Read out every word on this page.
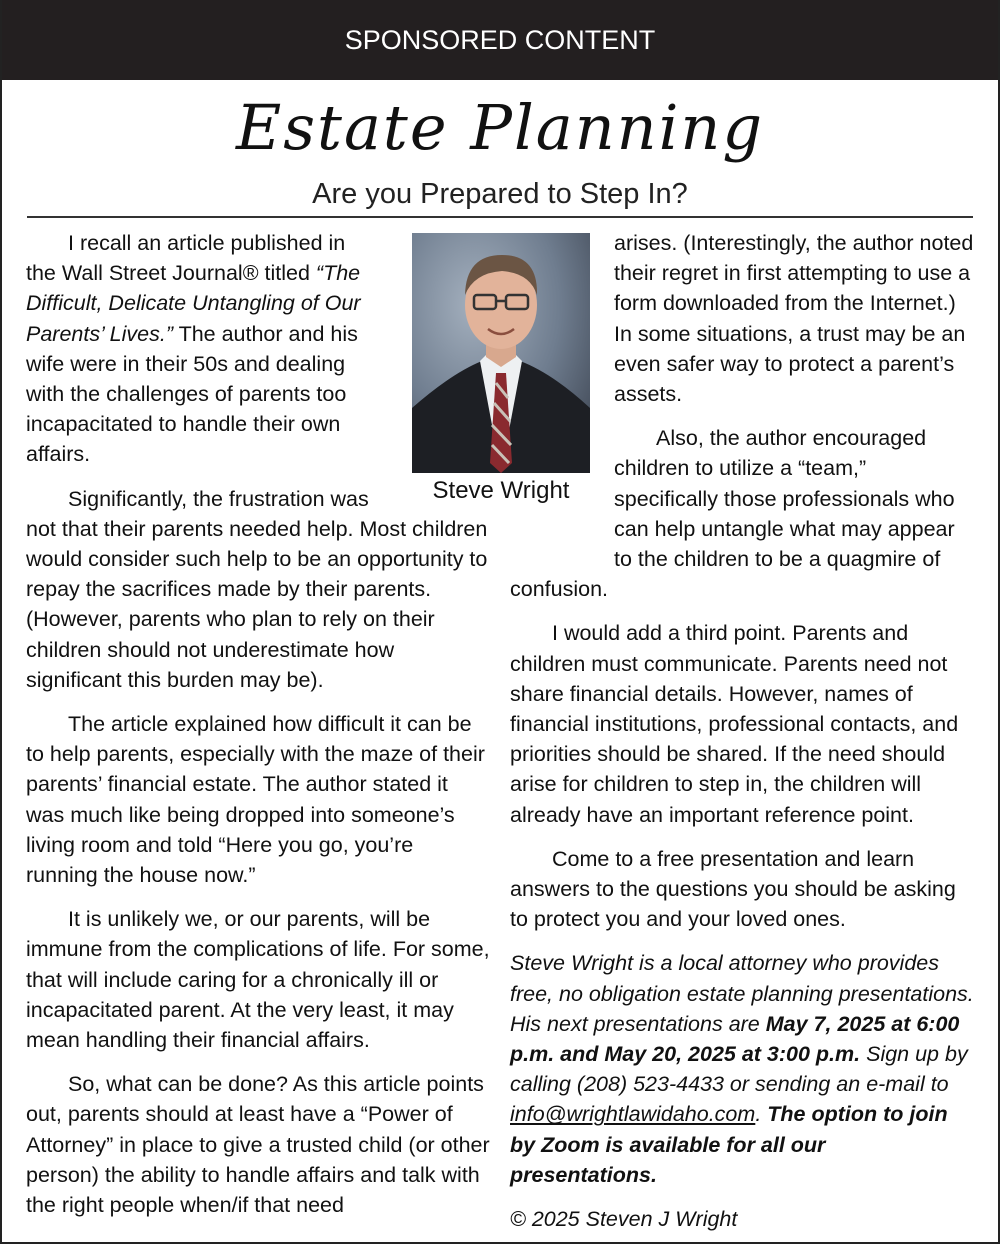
SPONSORED CONTENT
Estate Planning
Are you Prepared to Step In?

I recall an article published in the Wall Street Journal® titled “The Difficult, Delicate Untangling of Our Parents’ Lives.” The author and his wife were in their 50s and dealing with the challenges of parents too incapacitated to handle their own affairs.

Significantly, the frustration was not that their parents needed help. Most children would consider such help to be an opportunity to repay the sacrifices made by their parents. (However, parents who plan to rely on their children should not underestimate how significant this burden may be).

The article explained how difficult it can be to help parents, especially with the maze of their parents’ financial estate. The author stated it was much like being dropped into someone’s living room and told “Here you go, you’re running the house now.”

It is unlikely we, or our parents, will be immune from the complications of life. For some, that will include caring for a chronically ill or incapacitated parent. At the very least, it may mean handling their financial affairs.

So, what can be done? As this article points out, parents should at least have a “Power of Attorney” in place to give a trusted child (or other person) the ability to handle affairs and talk with the right people when/if that need

Steve Wright

arises. (Interestingly, the author noted their regret in first attempting to use a form downloaded from the Internet.) In some situations, a trust may be an even safer way to protect a parent’s assets.

Also, the author encouraged children to utilize a “team,” specifically those professionals who can help untangle what may appear to the children to be a quagmire of confusion.

I would add a third point. Parents and children must communicate. Parents need not share financial details. However, names of financial institutions, professional contacts, and priorities should be shared. If the need should arise for children to step in, the children will already have an important reference point.

Come to a free presentation and learn answers to the questions you should be asking to protect you and your loved ones.

Steve Wright is a local attorney who provides free, no obligation estate planning presentations. His next presentations are May 7, 2025 at 6:00 p.m. and May 20, 2025 at 3:00 p.m. Sign up by calling (208) 523-4433 or sending an e-mail to info@wrightlawidaho.com. The option to join by Zoom is available for all our presentations.

© 2025 Steven J Wright
